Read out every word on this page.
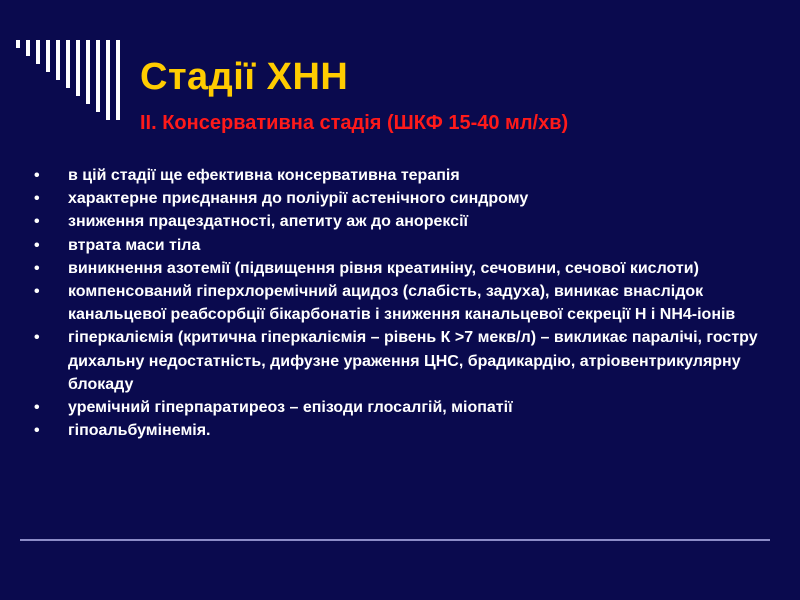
Стадії ХНН
ІІ. Консервативна стадія (ШКФ 15-40 мл/хв)
• в цій стадії ще ефективна консервативна терапія
• характерне приєднання до поліурії астенічного синдрому
• зниження працездатності, апетиту аж до анорексії
• втрата маси тіла
• виникнення азотемії (підвищення рівня креатиніну, сечовини, сечової кислоти)
• компенсований гіперхлоремічний ацидоз (слабість, задуха), виникає внаслідок канальцевої реабсорбції бікарбонатів і зниження канальцевої секреції Н і NH4-іонів
• гіперкаліємія (критична гіперкаліємія – рівень К >7 мекв/л) – викликає паралічі, гостру дихальну недостатність, дифузне ураження ЦНС, брадикардію, атріовентрикулярну блокаду
• уремічний гіперпаратиреоз – епізоди глосалгій, міопатії
• гіпоальбумінемія.
